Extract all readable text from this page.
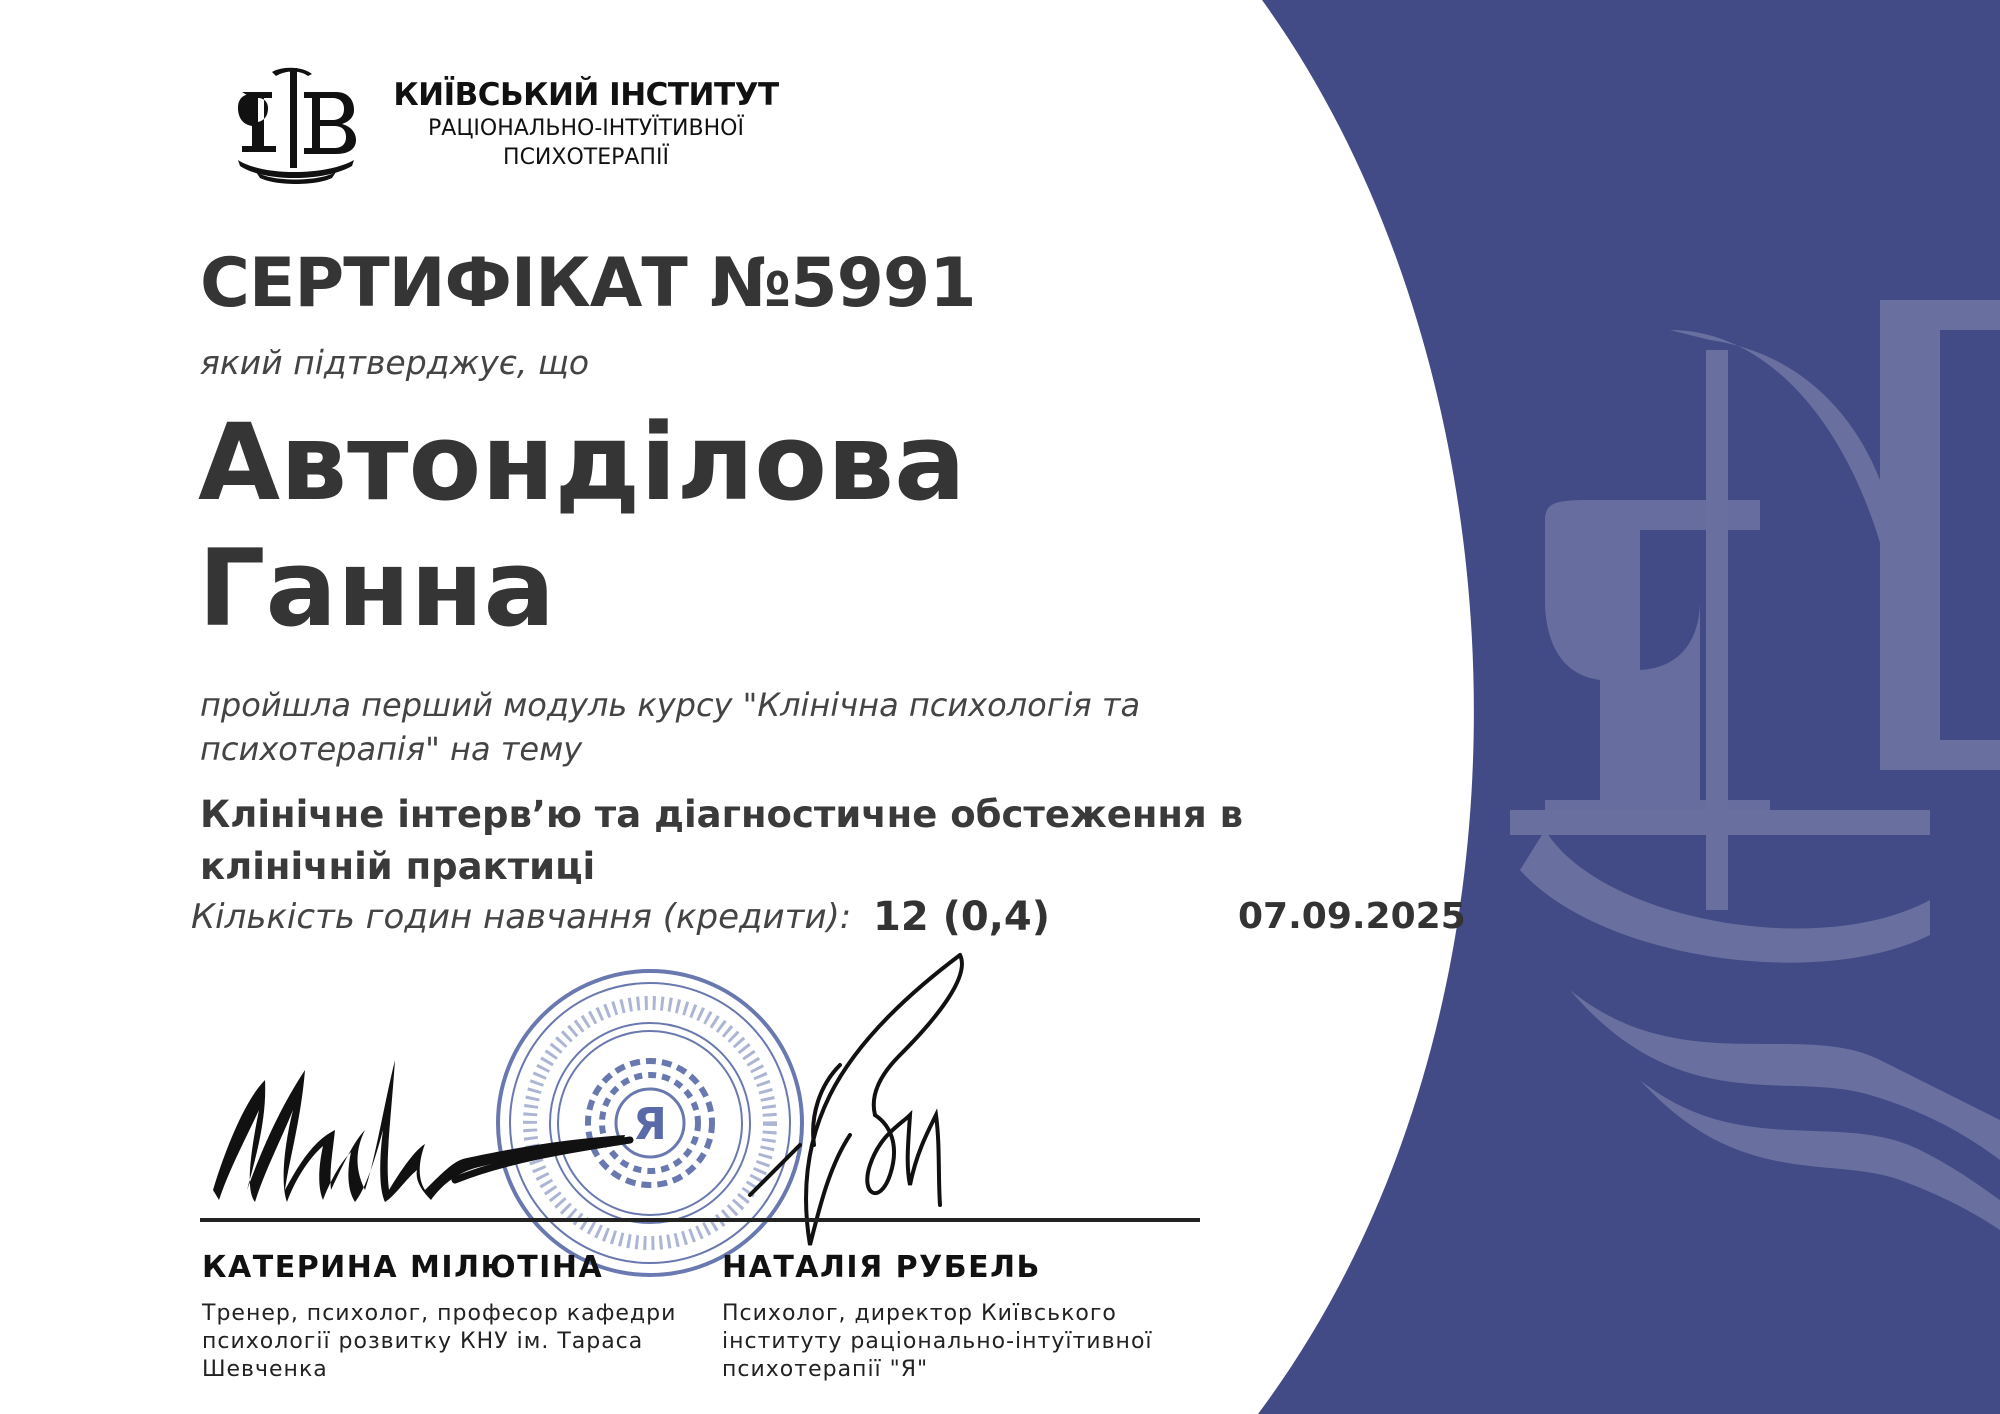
КИЇВСЬКИЙ ІНСТИТУТ
РАЦІОНАЛЬНО-ІНТУЇТИВНОЇ
ПСИХОТЕРАПІЇ
СЕРТИФІКАТ №5991
який підтверджує, що
Автонділова
Ганна
пройшла перший модуль курсу "Клінічна психологія та
психотерапія" на тему
Клінічне інтерв’ю та діагностичне обстеження в
клінічній практиці
Кількість годин навчання (кредити): 12 (0,4)	07.09.2025
Я
КАТЕРИНА МІЛЮТІНА	НАТАЛІЯ РУБЕЛЬ
Тренер, психолог, професор кафедри
психології розвитку КНУ ім. Тараса
Шевченка
Психолог, директор Київського
інституту раціонально-інтуїтивної
психотерапії "Я"
